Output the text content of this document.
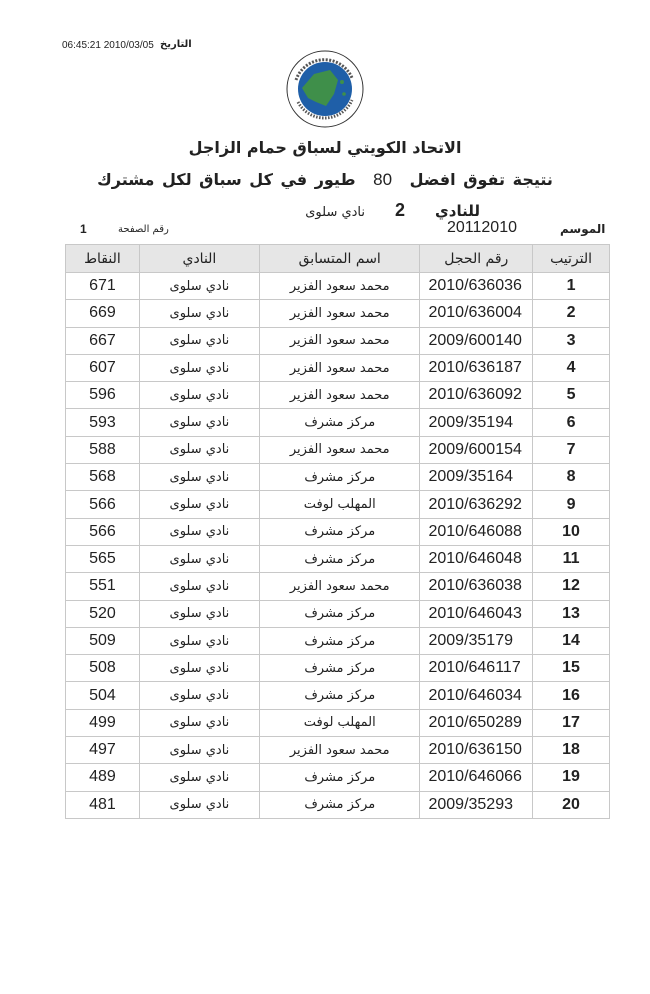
06:45:21 2010/03/05 التاريخ
الاتحاد الكويتي لسباق حمام الزاجل
نتيجة تفوق افضل 80 طيور في كل سباق لكل مشترك
للنادي
2
نادي سلوى
الموسم
20112010
رقم الصفحة
1
الترتيب	رقم الحجل	اسم المتسابق	النادي	النقاط
1	2010/636036	محمد سعود الفزير	نادي سلوى	671
2	2010/636004	محمد سعود الفزير	نادي سلوى	669
3	2009/600140	محمد سعود الفزير	نادي سلوى	667
4	2010/636187	محمد سعود الفزير	نادي سلوى	607
5	2010/636092	محمد سعود الفزير	نادي سلوى	596
6	2009/35194	مركز مشرف	نادي سلوى	593
7	2009/600154	محمد سعود الفزير	نادي سلوى	588
8	2009/35164	مركز مشرف	نادي سلوى	568
9	2010/636292	المهلب لوفت	نادي سلوى	566
10	2010/646088	مركز مشرف	نادي سلوى	566
11	2010/646048	مركز مشرف	نادي سلوى	565
12	2010/636038	محمد سعود الفزير	نادي سلوى	551
13	2010/646043	مركز مشرف	نادي سلوى	520
14	2009/35179	مركز مشرف	نادي سلوى	509
15	2010/646117	مركز مشرف	نادي سلوى	508
16	2010/646034	مركز مشرف	نادي سلوى	504
17	2010/650289	المهلب لوفت	نادي سلوى	499
18	2010/636150	محمد سعود الفزير	نادي سلوى	497
19	2010/646066	مركز مشرف	نادي سلوى	489
20	2009/35293	مركز مشرف	نادي سلوى	481
